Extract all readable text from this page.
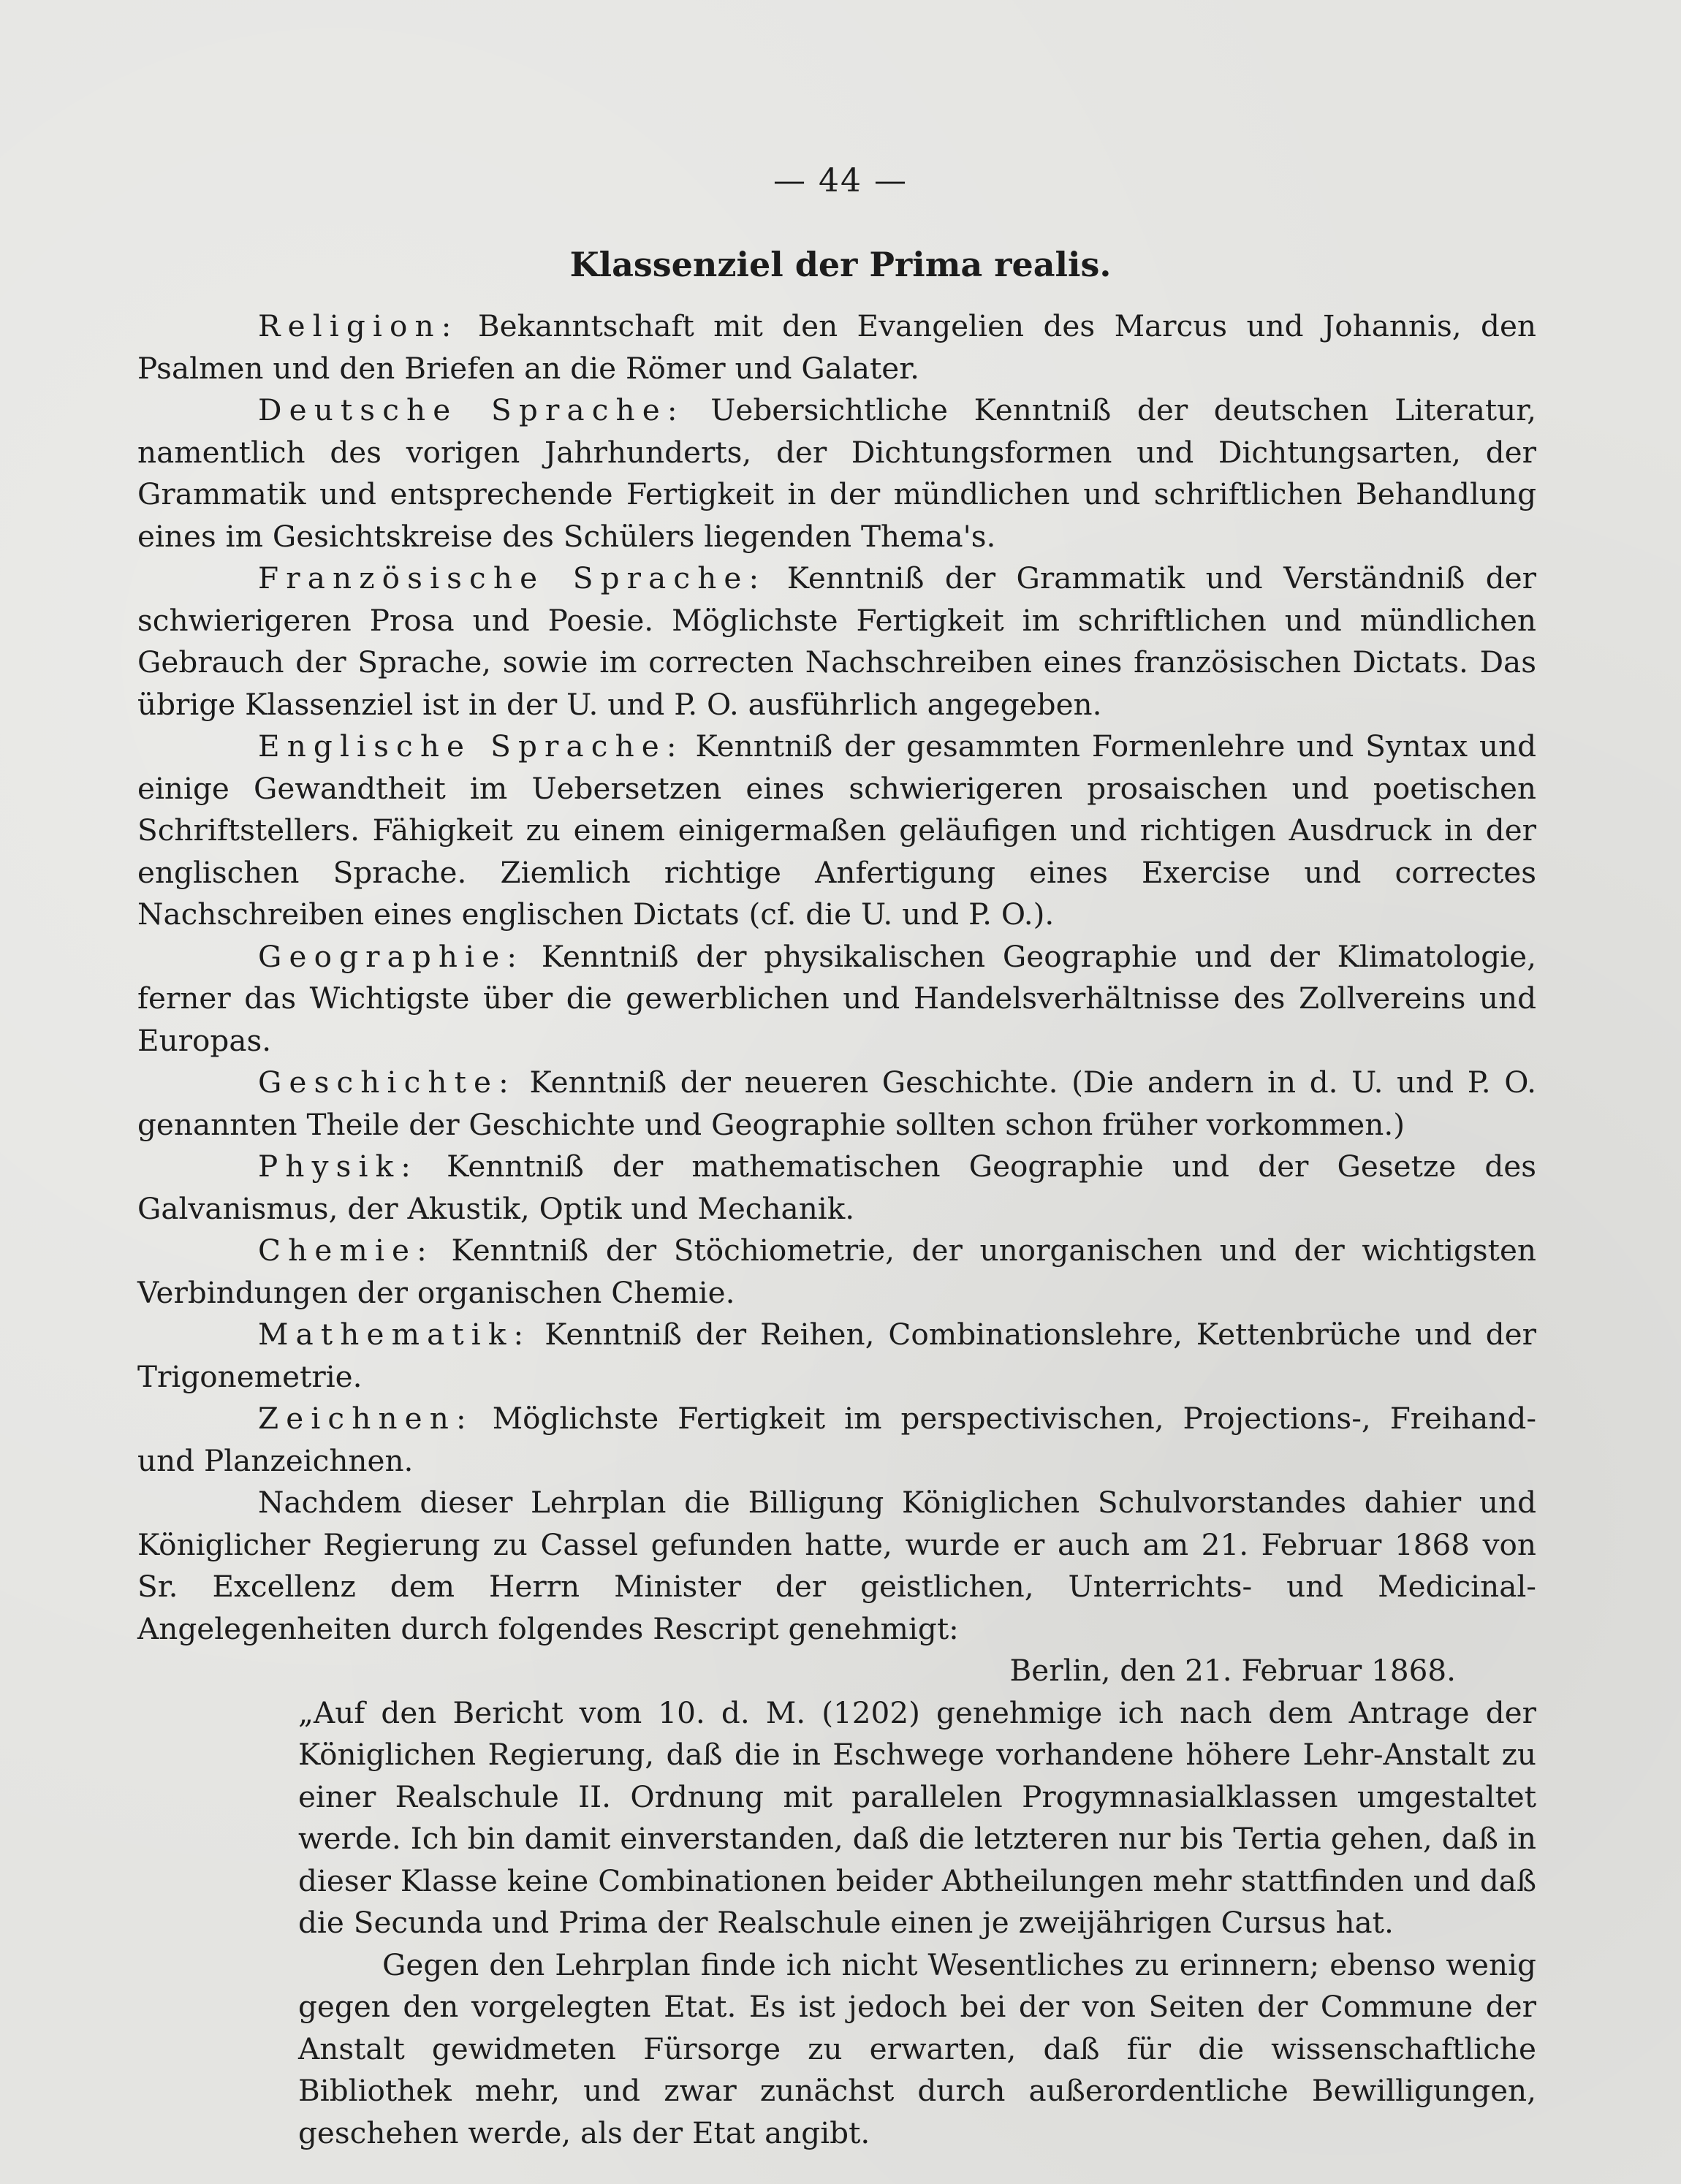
— 44 —
Klassenziel der Prima realis.

Religion: Bekanntschaft mit den Evangelien des Marcus und Johannis, den Psalmen und den Briefen an die Römer und Galater.

Deutsche Sprache: Uebersichtliche Kenntniß der deutschen Literatur, namentlich des vorigen Jahrhunderts, der Dichtungsformen und Dichtungsarten, der Grammatik und entsprechende Fertigkeit in der mündlichen und schriftlichen Behandlung eines im Gesichtskreise des Schülers liegenden Thema's.

Französische Sprache: Kenntniß der Grammatik und Verständniß der schwierigeren Prosa und Poesie. Möglichste Fertigkeit im schriftlichen und mündlichen Gebrauch der Sprache, sowie im correcten Nachschreiben eines französischen Dictats. Das übrige Klassenziel ist in der U. und P. O. ausführlich angegeben.

Englische Sprache: Kenntniß der gesammten Formenlehre und Syntax und einige Gewandtheit im Uebersetzen eines schwierigeren prosaischen und poetischen Schriftstellers. Fähigkeit zu einem einigermaßen geläufigen und richtigen Ausdruck in der englischen Sprache. Ziemlich richtige Anfertigung eines Exercise und correctes Nachschreiben eines englischen Dictats (cf. die U. und P. O.).

Geographie: Kenntniß der physikalischen Geographie und der Klimatologie, ferner das Wichtigste über die gewerblichen und Handelsverhältnisse des Zollvereins und Europas.

Geschichte: Kenntniß der neueren Geschichte. (Die andern in d. U. und P. O. genannten Theile der Geschichte und Geographie sollten schon früher vorkommen.)

Physik: Kenntniß der mathematischen Geographie und der Gesetze des Galvanismus, der Akustik, Optik und Mechanik.

Chemie: Kenntniß der Stöchiometrie, der unorganischen und der wichtigsten Verbindungen der organischen Chemie.

Mathematik: Kenntniß der Reihen, Combinationslehre, Kettenbrüche und der Trigonemetrie.

Zeichnen: Möglichste Fertigkeit im perspectivischen, Projections-, Freihand- und Planzeichnen.

Nachdem dieser Lehrplan die Billigung Königlichen Schulvorstandes dahier und Königlicher Regierung zu Cassel gefunden hatte, wurde er auch am 21. Februar 1868 von Sr. Excellenz dem Herrn Minister der geistlichen, Unterrichts- und Medicinal-Angelegenheiten durch folgendes Rescript genehmigt:

Berlin, den 21. Februar 1868.

„Auf den Bericht vom 10. d. M. (1202) genehmige ich nach dem Antrage der Königlichen Regierung, daß die in Eschwege vorhandene höhere Lehr-Anstalt zu einer Realschule II. Ordnung mit parallelen Progymnasialklassen umgestaltet werde. Ich bin damit einverstanden, daß die letzteren nur bis Tertia gehen, daß in dieser Klasse keine Combinationen beider Abtheilungen mehr stattfinden und daß die Secunda und Prima der Realschule einen je zweijährigen Cursus hat.

Gegen den Lehrplan finde ich nicht Wesentliches zu erinnern; ebenso wenig gegen den vorgelegten Etat. Es ist jedoch bei der von Seiten der Commune der Anstalt gewidmeten Fürsorge zu erwarten, daß für die wissenschaftliche Bibliothek mehr, und zwar zunächst durch außerordentliche Bewilligungen, geschehen werde, als der Etat angibt.
